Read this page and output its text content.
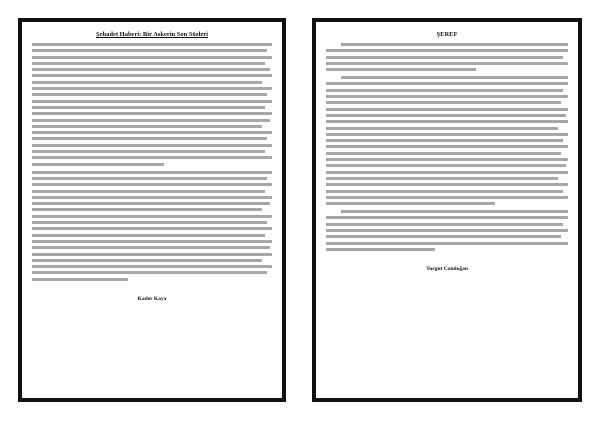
Şehadet Haberi: Bir Askerin Son Sözleri
Kader Kaya
ŞEREF
Turgut Candoğan
